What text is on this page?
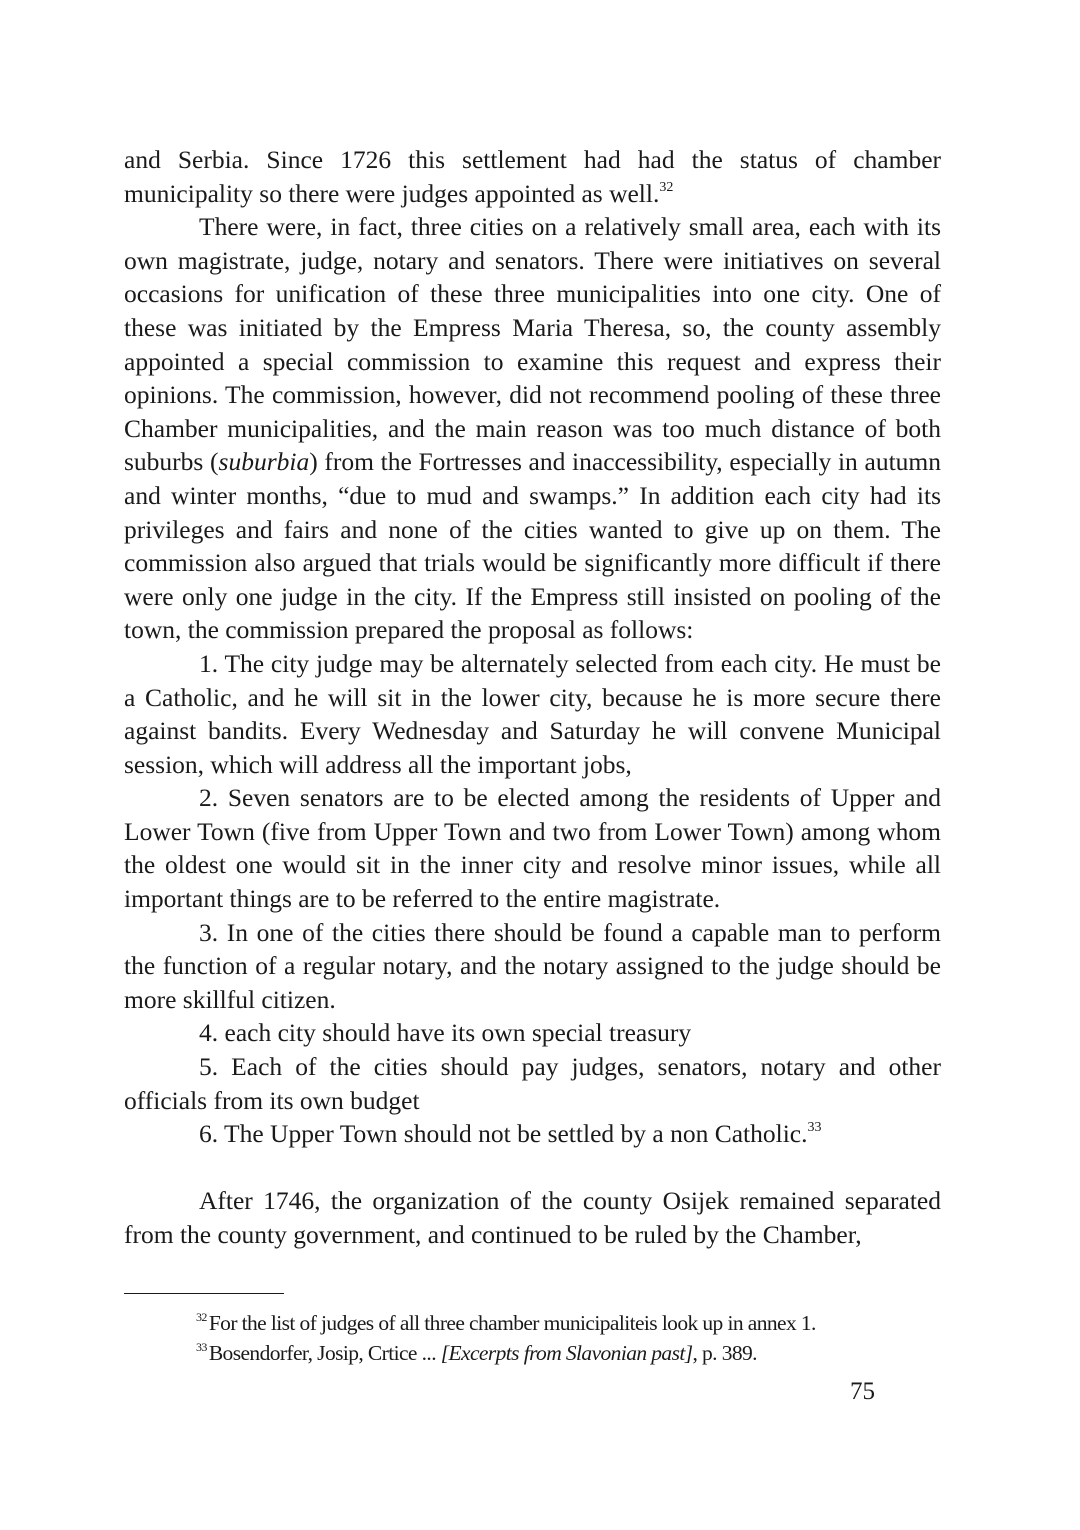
and Serbia. Since 1726 this settlement had had the status of chamber municipality so there were judges appointed as well.$^{32}$

There were, in fact, three cities on a relatively small area, each with its own magistrate, judge, notary and senators. There were initiatives on several occasions for unification of these three municipalities into one city. One of these was initiated by the Empress Maria Theresa, so, the county assembly appointed a special commission to examine this request and express their opinions. The commission, however, did not recommend pooling of these three Chamber municipalities, and the main reason was too much distance of both suburbs (suburbia) from the Fortresses and inaccessibility, especially in autumn and winter months, “due to mud and swamps.” In addition each city had its privileges and fairs and none of the cities wanted to give up on them. The commission also argued that trials would be significantly more difficult if there were only one judge in the city. If the Empress still insisted on pooling of the town, the commission prepared the proposal as follows:

1. The city judge may be alternately selected from each city. He must be a Catholic, and he will sit in the lower city, because he is more secure there against bandits. Every Wednesday and Saturday he will convene Municipal session, which will address all the important jobs,

2. Seven senators are to be elected among the residents of Upper and Lower Town (five from Upper Town and two from Lower Town) among whom the oldest one would sit in the inner city and resolve minor issues, while all important things are to be referred to the entire magistrate.

3. In one of the cities there should be found a capable man to perform the function of a regular notary, and the notary assigned to the judge should be more skillful citizen.

4. each city should have its own special treasury

5. Each of the cities should pay judges, senators, notary and other officials from its own budget

6. The Upper Town should not be settled by a non Catholic.$^{33}$

After 1746, the organization of the county Osijek remained separated from the county government, and continued to be ruled by the Chamber,

$^{32}$For the list of judges of all three chamber municipaliteis look up in annex 1.

$^{33}$Bosendorfer, Josip, Crtice ... [Excerpts from Slavonian past], p. 389.

75
